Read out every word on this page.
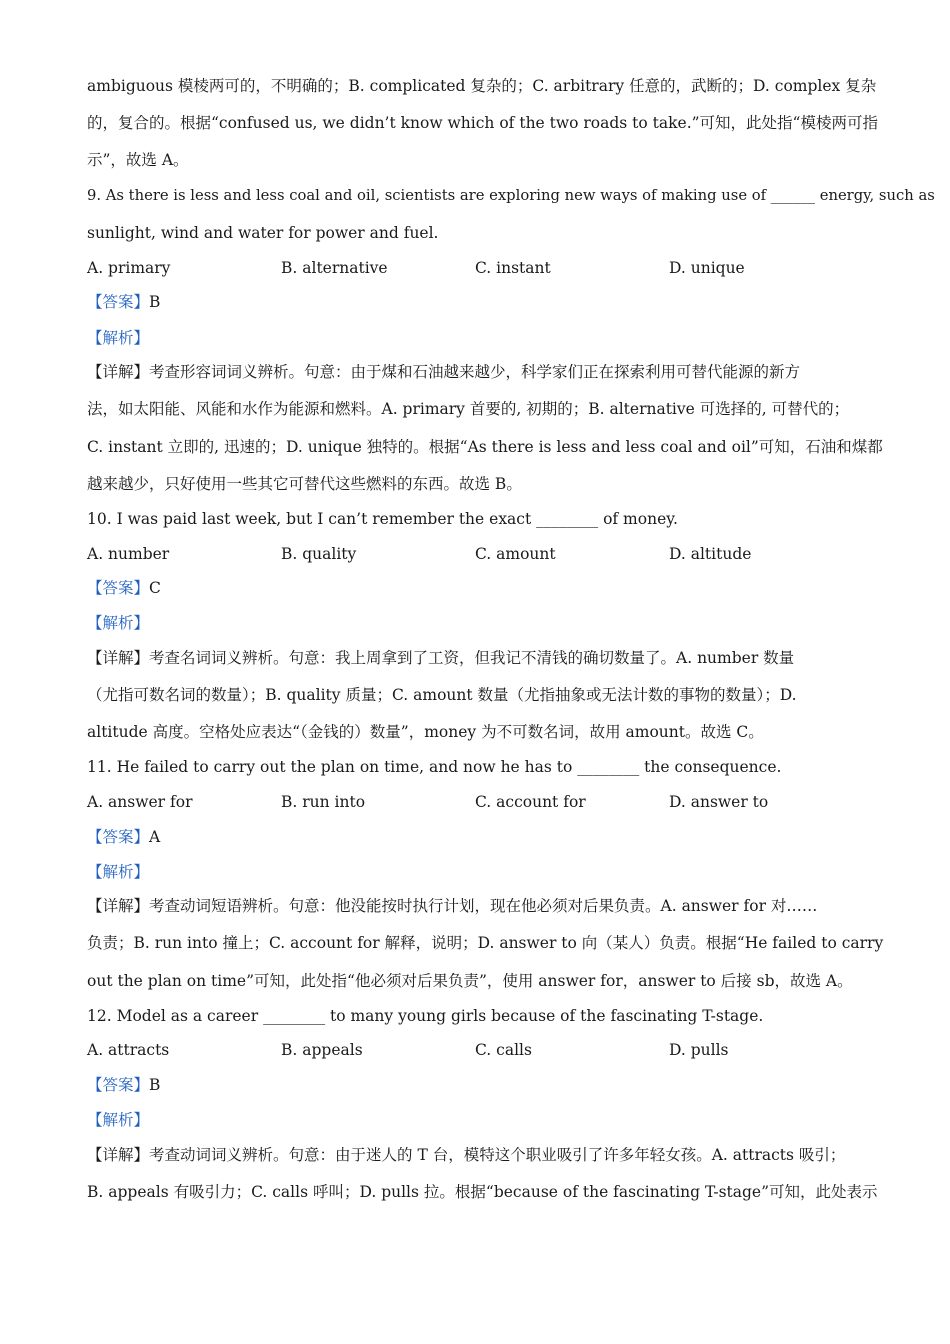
ambiguous 模棱两可的，不明确的；B. complicated 复杂的；C. arbitrary 任意的，武断的；D. complex 复杂
的，复合的。根据“confused us, we didn’t know which of the two roads to take.”可知，此处指“模棱两可指
示”，故选 A。
9. As there is less and less coal and oil, scientists are exploring new ways of making use of ______ energy, such as
sunlight, wind and water for power and fuel.
A. primary	B. alternative	C. instant	D. unique
【答案】B
【解析】
【详解】考查形容词词义辨析。句意：由于煤和石油越来越少，科学家们正在探索利用可替代能源的新方
法，如太阳能、风能和水作为能源和燃料。A. primary 首要的, 初期的；B. alternative 可选择的, 可替代的；
C. instant 立即的, 迅速的；D. unique 独特的。根据“As there is less and less coal and oil”可知，石油和煤都
越来越少，只好使用一些其它可替代这些燃料的东西。故选 B。
10. I was paid last week, but I can’t remember the exact ________ of money.
A. number	B. quality	C. amount	D. altitude
【答案】C
【解析】
【详解】考查名词词义辨析。句意：我上周拿到了工资，但我记不清钱的确切数量了。A. number 数量
（尤指可数名词的数量）；B. quality 质量；C. amount 数量（尤指抽象或无法计数的事物的数量）；D.
altitude 高度。空格处应表达“（金钱的）数量”，money 为不可数名词，故用 amount。故选 C。
11. He failed to carry out the plan on time, and now he has to ________ the consequence.
A. answer for	B. run into	C. account for	D. answer to
【答案】A
【解析】
【详解】考查动词短语辨析。句意：他没能按时执行计划，现在他必须对后果负责。A. answer for 对……
负责；B. run into 撞上；C. account for 解释，说明；D. answer to 向（某人）负责。根据“He failed to carry
out the plan on time”可知，此处指“他必须对后果负责”，使用 answer for，answer to 后接 sb，故选 A。
12. Model as a career ________ to many young girls because of the fascinating T-stage.
A. attracts	B. appeals	C. calls	D. pulls
【答案】B
【解析】
【详解】考查动词词义辨析。句意：由于迷人的 T 台，模特这个职业吸引了许多年轻女孩。A. attracts 吸引；
B. appeals 有吸引力；C. calls 呼叫；D. pulls 拉。根据“because of the fascinating T-stage”可知，此处表示
